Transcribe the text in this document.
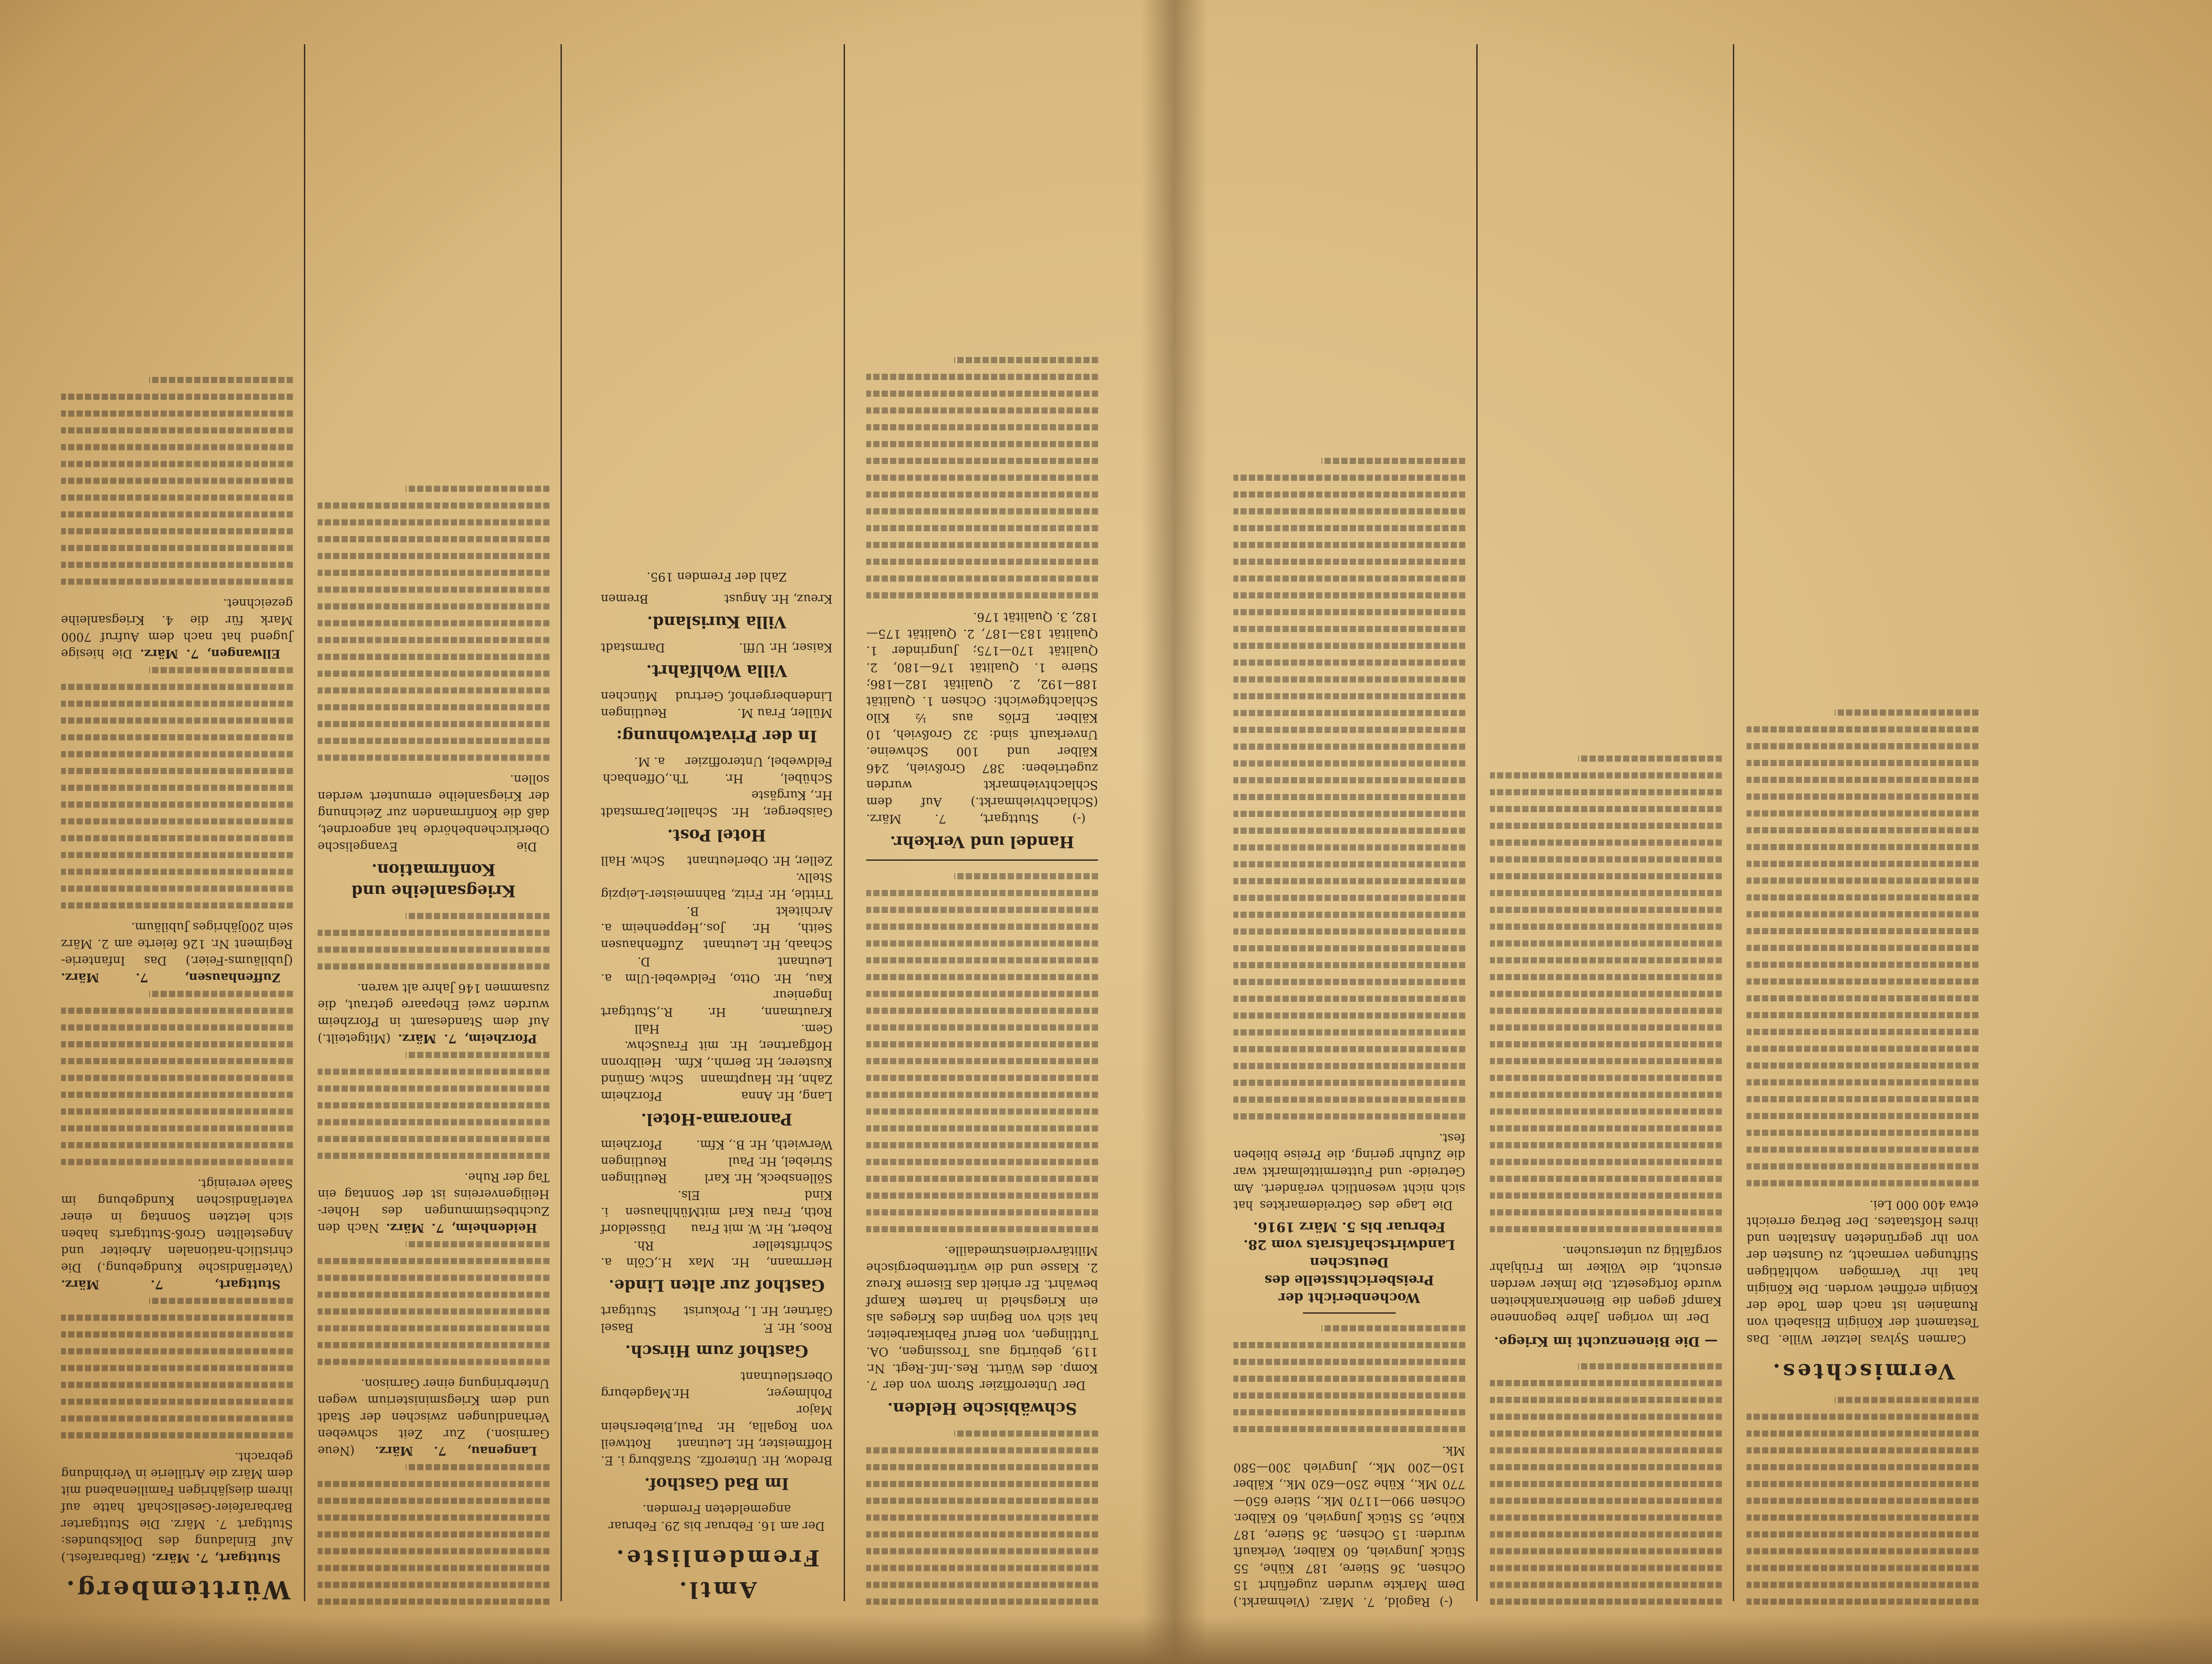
Württemberg.

Stuttgart, 7. März. (Barbarafest.) Auf Einladung des Dolksbundes: Stuttgart 7. März. Die Stuttgarter Barbarafeier-Gesellschaft hatte auf ihrem diesjährigen Familienabend mit dem März die Artillerie in Verbindung gebracht.

Stuttgart, 7. März. (Vaterländische Kundgebung.) Die christlich-nationalen Arbeiter und Angestellten Groß-Stuttgarts haben sich letzten Sonntag in einer vaterländischen Kundgebung im Saale vereinigt.

Zuffenhausen, 7. März. (Jubiläums-Feier.) Das Infanterie-Regiment Nr. 126 feierte am 2. März sein 200jähriges Jubiläum.

Ellwangen, 7. März. Die hiesige Jugend hat nach dem Aufruf 7000 Mark für die 4. Kriegsanleihe gezeichnet.

Langenau, 7. März. (Neue Garnison.) Zur Zeit schweben Verhandlungen zwischen der Stadt und dem Kriegsministerium wegen Unterbringung einer Garnison.

Heidenheim, 7. März. Nach den Zuchtbestimmungen des Hoher-Heiligenvereins ist der Sonntag ein Tag der Ruhe.

Pforzheim, 7. März. (Mitgeteilt.) Auf dem Standesamt in Pforzheim wurden zwei Ehepaare getraut, die zusammen 146 Jahre alt waren.

Kriegsanleihe und Konfirmation.

Die Evangelische Oberkirchenbehörde hat angeordnet, daß die Konfirmanden zur Zeichnung der Kriegsanleihe ermuntert werden sollen.

Amtl. Fremdenliste.

Der am 16. Februar bis 29. Februar angemeldeten Fremden.

Im Bad Gasthof.
Bredow, Hr. Unteroffz.
Straßburg i. E.
Hoffmeister, Hr. Leutnant
Rottweil
von Rogalla, Hr. Paul, Major
Biebershein
Pohlmeyer, Hr. Oberstleutnant
Magdeburg
Gasthof zum Hirsch.
Roos, Hr. F.
Basel
Gärtner, Hr. I., Prokurist
Stuttgart
Gasthof zur alten Linde.
Herrmann, Hr. Max H., Schriftsteller
Cöln a. Rh.
Robert, Hr. W. mit Frau
Düsseldorf
Roth, Frau Karl mit Kind
Mühlhausen i. Els.
Söllensbeck, Hr. Karl
Reutlingen
Striebel, Hr. Paul
Reutlingen
Werwieth, Hr. B., Kfm.
Pforzheim
Panorama-Hotel.
Lang, Hr. Anna
Pforzheim
Zahn, Hr. Hauptmann
Schw. Gmünd
Kusterer, Hr. Bernh., Kfm.
Heilbronn
Hoffgartner, Hr. mit Frau Gem.
Schw. Hall
Krautmann, Hr. R., Ingenieur
Stuttgart
Kau, Hr. Otto, Feldwebel-Leutnant
Ulm a. D.
Schaab, Hr. Leutnant
Zuffenhausen
Seith, Hr. Jos., Architekt
Heppenheim a. B.
Trittle, Hr. Fritz, Bahnmeister-Stellv.
Leipzig
Zeller, Hr. Oberleutnant
Schw. Hall
Hotel Post.
Gaisberger, Hr. Schaller, Hr., Kurgäste
Darmstadt
Schübel, Hr. Th., Feldwebel, Unteroffizier
Offenbach a. M.
In der Privatwohnung:
Müller, Frau M.
Reutlingen
Lindenbergerhof, Gertrud
München
Villa Wohlfahrt.
Kaiser, Hr. Uffl.
Darmstadt
Villa Kurisland.
Kreuz, Hr. Angust
Bremen

Zahl der Fremden 195.

Schwäbische Helden.

Der Unteroffizier Strom von der 7. Komp. des Württ. Res.-Inf.-Regt. Nr. 119, gebürtig aus Trossingen, OA. Tuttlingen, von Beruf Fabrikarbeiter, hat sich von Beginn des Krieges als ein Kriegsheld in hartem Kampf bewährt. Er erhielt das Eiserne Kreuz 2. Klasse und die württembergische Militärverdienstmedaille.

Handel und Verkehr.

(-) Stuttgart, 7. März. (Schlachtviehmarkt.) Auf dem Schlachtviehmarkt wurden zugetrieben: 387 Großvieh, 246 Kälber und 100 Schweine. Unverkauft sind: 32 Großvieh, 10 Kälber. Erlös aus ½ Kilo Schlachtgewicht: Ochsen 1. Qualität 188—192, 2. Qualität 182—186; Stiere 1. Qualität 176—180, 2. Qualität 170—175; Jungrinder 1. Qualität 183—187, 2. Qualität 175—182, 3. Qualität 176.

(-) Ragold, 7. März. (Viehmarkt.) Dem Markte wurden zugeführt 15 Ochsen, 36 Stiere, 187 Kühe, 55 Stück Jungvieh, 60 Kälber, Verkauft wurden: 15 Ochsen, 36 Stiere, 187 Kühe, 55 Stück Jungvieh, 60 Kälber. Ochsen 990—1170 Mk., Stiere 650—770 Mk., Kühe 250—620 Mk., Kälber 150—200 Mk., Jungvieh 300—580 Mk.

Wochenbericht der Preisberichtsstelle des Deutschen Landwirtschaftsrats vom 28. Februar bis 5. März 1916.

Die Lage des Getreidemarktes hat sich nicht wesentlich verändert. Am Getreide- und Futtermittelmarkt war die Zufuhr gering, die Preise blieben fest.

— Die Bienenzucht im Kriege.

Der im vorigen Jahre begonnene Kampf gegen die Bienenkrankheiten wurde fortgesetzt. Die Imker werden ersucht, die Völker im Frühjahr sorgfältig zu untersuchen.

Vermischtes.

Carmen Sylvas letzter Wille. Das Testament der Königin Elisabeth von Rumänien ist nach dem Tode der Königin eröffnet worden. Die Königin hat ihr Vermögen wohltätigen Stiftungen vermacht, zu Gunsten der von ihr gegründeten Anstalten und ihres Hofstaates. Der Betrag erreicht etwa 400 000 Lei.
